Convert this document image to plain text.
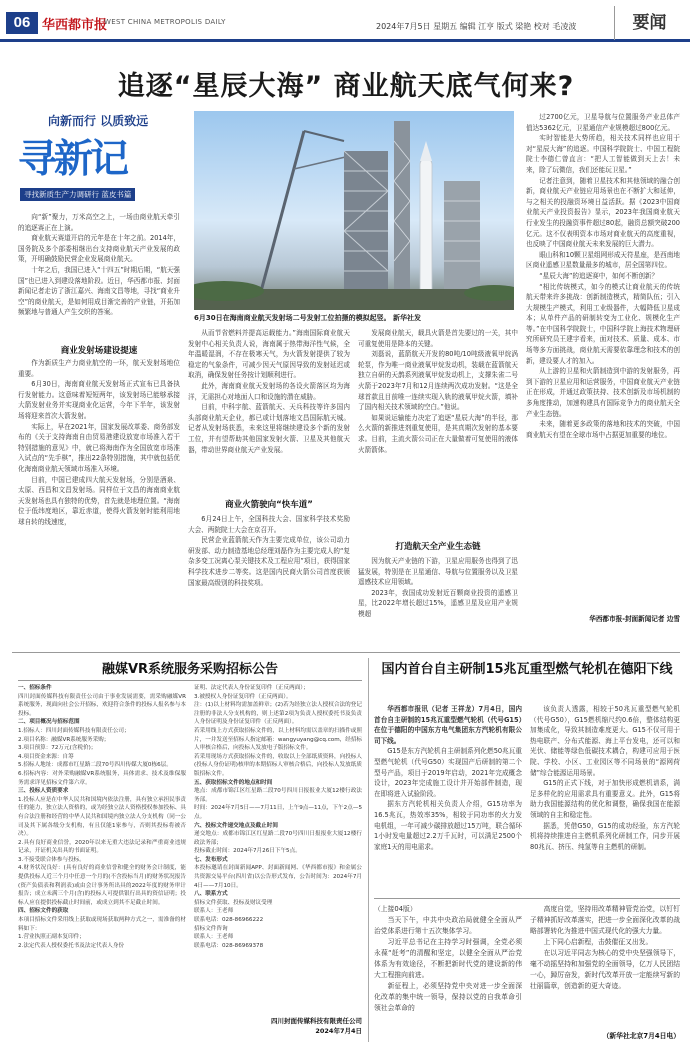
06 华西都市报
WEST CHINA METROPOLIS DAILY	2024年7月5日 星期五 编辑 江亨 版式 梁艳 校对 毛凌波	要闻
追逐“星辰大海” 商业航天底气何来?
向新而行 以质致远
寻新记
寻找新质生产力调研行 蓝皮书篇
6月30日在海南商业航天发射场二号发射工位拍摄的模拟起竖。 新华社发

向“新”聚力，万米高空之上，一场由商业航天牵引的追逐赛正在上演。

商业航天赛道开启的元年是在十年之前。2014年，国务院及多个部委相继出台支持商业航天产业发展的政策，开明确鼓励民营企业发展商业航天。

十年之后，我国已进入“十四五”时期后期，“航天强国”也已进入到建设落地阶段。近日，华西都市报、封面新闻记者走访了浙江嘉兴、海南文昌等地，寻找“商业升空”的商业航天，是如何用成目渐完善的产业链，开拓加频繁地与普通人产生交织的答案。

商业发射场建设提速

作为新质生产力商业航空的一环，航天发射场地位重要。

6月30日，海南商业航天发射场正式宣布已具备执行发射能力。这意味着短短两年，该发射场已能够承接大箭发射业务并实现商业化运营，今年下半年，该发射场将迎来首次大箭发射。

实际上，早在2021年，国家发展改革委、商务部发布的《关于支持海南自由贸易港建设放宽市场准入若干特别措施的意见》中，就已将海南作为全国放宽市场准入试点的“先手棋”，推出22条特别措施，其中就包括优化海南商业航天领域市场准入环境。

目前，中国已建成四大航天发射场，分别是酒泉、太原、西昌和文昌发射场。同样位于文昌的海南商业航天发射场也具有独特的优势，首先就是地理位置。“海南位于低纬度地区，靠近赤道，使得火箭发射时能利用地球自转的线速度，

从而节省燃料并提高运载能力。”海南国际商业航天发射中心相关负责人说，海南属于热带海洋性气候，全年温暖湿润，不存在极寒天气，为火箭发射提供了较为稳定的气象条件，可减少因天气原因导致的发射延迟或取消，确保发射任务按计划顺利进行。

此外，海南商业航天发射场的各设火箭落区均为海洋，无需担心对地面人口和设施的潜在威胁。

目前，中科宇航、蓝箭航天、天兵科技等许多国内头部商业航天企业，都已或计划落地文昌国际航天城。记者从发射场获悉，未来这里将继续建设多个新的发射工位，并有望帮助其他国家发射火箭、卫星及其他航天器，带动世界商业航天产业发展。

商业火箭驶向“快车道”

6月24日上午，全国科技大会、国家科学技术奖励大会、两院院士大会在京召开。

民营企业蓝箭航天作为主要完成单位，该公司动力研发部、动力制造基地总经理刘磊作为主要完成人的“复杂多变工况离心泵关键技术及工程应用”项目，获得国家科学技术进步二等奖。这是国内民商火箭公司首度获颁国家最高级别的科技奖项。

发展商业航天，载具火箭是首先要过的一关，其中可重复使用是降本的关键。

刘磊说，蓝箭航天开发的80吨/10吨级液氧甲烷涡轮泵，作为唯一商业液氧甲烷发动机，装载在蓝箭航天独立自研的天鹊系列液氧甲烷发动机上，支撑朱雀二号火箭于2023年7月和12月连续两次成功发射。“这是全球首款且目前唯一连续实现入轨的液氧甲烷火箭，填补了国内相关技术领域的空白。”他说。

如果说运输能力决定了追逐“星辰大海”的半径，那么火箭的新推进剂重复使用，是其真期次发射的基本要求。目前，主流火箭公司正在大量做着可复使用的液体火箭箭体。

打造航天全产业生态链

因为航天产业链的下游，卫星应用服务也得到了迅猛发展，特别是在卫星通信、导航与位置服务以及卫星遥感技术应用领域。

2023年，我国成功发射近百颗商业投资的遥感卫星，比2022年增长超过15%，遥感卫星及应用产业规模超

过2700亿元，卫星导航与位置服务产业总体产值达5362亿元，卫星通信产业规模超过800亿元。

实时智能是大势所趋，相关技术同样也应用于对“星辰大海”的追逐。中国科学院院士、中国工程院院士李德仁曾直言：“把人工智能做到天上去！未来，除了玩微信，我们还能玩卫星。”

记者注意到，随着卫星技术和其他领域的融合创新，商业航天产业链应用场景也在不断扩大和延伸，与之相关的投融资环境日益活跃。据《2023中国商业航天产业投资报告》显示，2023年我国商业航天行业发生的投融资事件超过80起，融资总额突破200亿元。这不仅表明资本市场对商业航天的高度重视，也反映了中国商业航天未来发展的巨大潜力。

眼山科和10颗卫星组网形成天符星座，是西南地区商业遥感卫星数量最多的城市，居全国第四位。

“星辰大海”的追逐赛中，如何不断创新？

“相比传统模式，如今的模式让商业航天的传统航天带来许多挑战：创新制造模式，精简队伍；引入大规模生产模式，利用工业级器件，大幅降低卫星成本；从单件产品的研制转变为工业化、规模化生产等。”在中国科学院院士，中国科学院上海技术物理研究所研究员王建宇看来，面对技术、质量、成本、市场等多方面挑战，商业航天需要依靠理念和技术的创新，建设要人才的加入。

从上游的卫星和火箭制造到中游的发射服务，再到下游的卫星应用和运营服务，中国商业航天产业链正在形成，并通过政策扶持、技术创新及市场机制的多角度推动，加速构建具有国际竞争力的商业航天全产业生态链。

未来，随着更多政策的落地和技术的突破，中国商业航天有望在全球市场中占据更加重要的地位。

华西都市报-封面新闻记者 边雪
融媒VR系统服务采购招标公告
一、招标条件
四川封面传媒科技有限责任公司由于事业发展需要，需采购融媒VR系统服务，现面向社会公开招标，欢迎符合条件的投标人报名参与本投标。
二、项目概况与招标范围
1.招标人：四川封面传媒科技有限责任公司；
2.项目名称：融媒VR系统服务采购；
3.项目预算：72万元(含税价)；
4.项目资金来源：自筹
5.招标人地址：成都市红星路二段70号四川传媒大厦0栋6层。
6.招标内容：对外采购融媒VR系统服务，具体需求、技术及维保服务需求详见招标文件第六章。
三、投标人资质要求
1.投标人应是在中华人民共和国境内依法注册，具有独立承担民事责任的能力，独立法人资格的，或为经独立法人资格授权参加投标、具有合法注册和经营的中华人民共和国境内独立法人分支机构（同一公司及其下属各级分支机构，有且仅能1家参与，否则其投标将被否决）。
2.具有良好商业信誉，2020年以来无重大违法记录和严重商业违规记录，开证机关出具的书面证明。
3.不接受联合体参与投标。
4.财务状况良好：(具有良好的商业信誉和健全的财务会计制度，能提供投标人近三个月中任意一个月的(不含投标当月)的财务状况报告(资产负债表和利润表)或由会计事务所出具的2022年度的财务审计报告；成立未满三个月(含)的投标人可提供银行出具的资信证明；投标人应在提供投标截止时间前，或成立到其不足截止时间。
四、招标文件的获取
本项目招标文件采用线上获取或现场获取两种方式之一，需准备的材料如下：
1.营业执照正副本复印件；
2.法定代表人授权委托书及法定代表人身份
证明、法定代表人身份证复印件（正反两面）；
3.被授权人身份证复印件（正反两面）。
注：(1)以上材料均需加盖鲜章；(2)若为经独立法人授权合法的登记注册的非法人分支机构的，则上述第2项为负责人授权委托书及负责人身份证明及身份证复印件（正反两面）。
若采用线上方式获取招标文件的，以上材料均需以盖章的扫描件或照片，一并发送至招标人指定邮箱：wangyuyang@cq.com，经招标人审核合格后，向投标人发放电子版招标文件。
若采用现场方式获取招标文件的，收取以上全部纸质资料，向投标人(投标人身份证明)核审的本期招标人审核合格后，向投标人发放纸质版招标文件。
五、获取招标文件的地点和时间
地点：成都市锦江区红星路二段70号四川日报报业大厦12楼行政法务部。
时间：2024年7月5日——7月11日，上午9点—11点，下午2点—5点。
六、投标文件递交地点及截止时间
递交地点：成都市锦江区红星路二段70号四川日报报业大厦12楼行政法务部；
投标截止时间：2024年7月26日下午5点。
七、发布形式
本投标邀请在封面新闻APP、封面新闻网、《华西都市报》和金属公共资源交易平台(四川省)以公告形式发布，公告时间为：2024年7月4日——7月10日。
八、联系方式
招标文件获取、投标及财议受理
联系人：王老师
联系电话：028-86966222
招标文件咨询
联系人：王老师
联系电话：028-86969378
四川封面传媒科技有限责任公司
2024年7月4日
国内首台自主研制15兆瓦重型燃气轮机在德阳下线

华西都市报讯（记者 王祥龙）7月4日，国内首台自主研制的15兆瓦重型燃气轮机（代号G15）在位于德阳的中国东方电气集团东方汽轮机有限公司下线。

G15是东方汽轮机自主研制系列化燃50兆瓦重型燃气轮机（代号G50）实现国产后研制的第二个型号产品，项目于2019年启动，2021年完成概念设计，2023年完成施工设计并开始部件制造，现在即将进入试验阶段。

据东方汽轮机相关负责人介绍，G15功率为16.5兆瓦，热效率35%，相较于同功率的火力发电机组，一年可减少碳排放超过15万吨，联合循环1小时发电量超过2.2万千瓦时，可以满足2500个家庭1天的用电需求。

该负责人透露，相较于50兆瓦重型燃气轮机（代号G50），G15燃机缩尺约0.6倍，整体结构更加集成化，导致其制造难度更大。G15不仅可用于热电联产、分布式能源、海上平台发电，还可以和光伏、储能等绿色低碳技术耦合，构建可应用于医院、学校、小区、工业园区等不同场景的“源网荷储”综合能源运用场景。

G15的正式下线，对于加快形成燃机谱系，满足多样化的应用需求具有重要意义。此外，G15将助力我国能源结构的优化和调整，确保我国在能源领域的自主和稳定性。

据悉，凭借G50，G15的成功经验，东方汽轮机将持续推进自主燃机系列化研制工作，同步开展80兆瓦、挤压、纯氢等自主燃机的研制。

（上接04版）

当天下午，中共中央政治局就健全全面从严治党体系进行第十五次集体学习。

习近平总书记在主持学习时强调，全党必须永葆“赶考”的清醒和坚定，以健全全面从严治党体系为有效途径，不断把新时代党的建设新的伟大工程推向前进。

新征程上，必须坚持党中央对进一步全面深化改革的集中统一领导，保持以党的自我革命引领社会革命的

高度自觉，坚持用改革精神管党治党，以钉钉子精神抓好改革落实，把进一步全面深化改革的战略部署转化为推进中国式现代化的强大力量。

上下同心启新程，击鼓催征又出发。

在以习近平同志为核心的党中央坚强领导下，毫不动摇坚持和加强党的全面领导，亿万人民团结一心，踔厉奋发，新时代改革开放一定能续写新的壮丽篇章，创造新的更大奇迹。

（新华社北京7月4日电）
